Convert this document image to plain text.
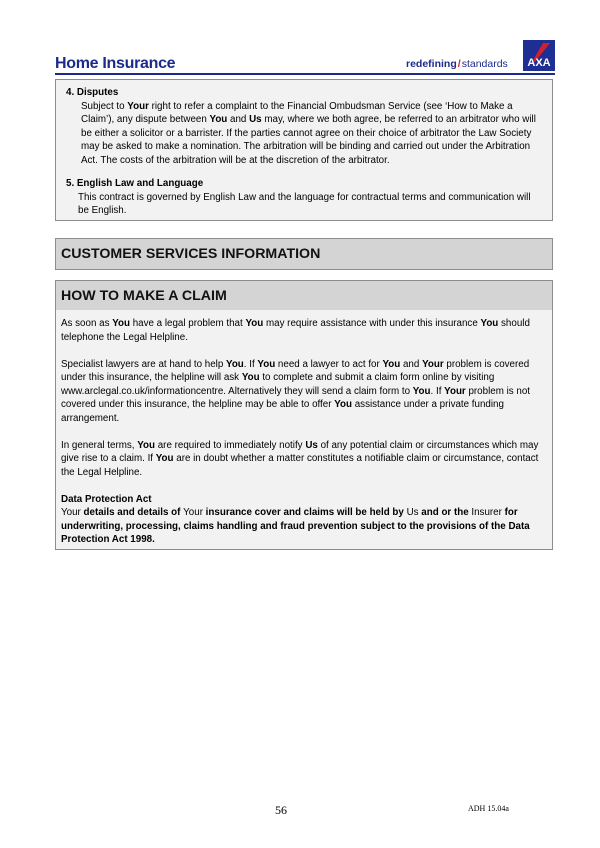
Home Insurance	redefining/standards AXA
4. Disputes
Subject to Your right to refer a complaint to the Financial Ombudsman Service (see ‘How to Make a Claim’), any dispute between You and Us may, where we both agree, be referred to an arbitrator who will be either a solicitor or a barrister. If the parties cannot agree on their choice of arbitrator the Law Society may be asked to make a nomination. The arbitration will be binding and carried out under the Arbitration Act. The costs of the arbitration will be at the discretion of the arbitrator.
5. English Law and Language
This contract is governed by English Law and the language for contractual terms and communication will be English.
CUSTOMER SERVICES INFORMATION
HOW TO MAKE A CLAIM

As soon as You have a legal problem that You may require assistance with under this insurance You should telephone the Legal Helpline.

Specialist lawyers are at hand to help You. If You need a lawyer to act for You and Your problem is covered under this insurance, the helpline will ask You to complete and submit a claim form online by visiting www.arclegal.co.uk/informationcentre. Alternatively they will send a claim form to You. If Your problem is not covered under this insurance, the helpline may be able to offer You assistance under a private funding arrangement.

In general terms, You are required to immediately notify Us of any potential claim or circumstances which may give rise to a claim. If You are in doubt whether a matter constitutes a notifiable claim or circumstance, contact the Legal Helpline.

Data Protection Act

Your details and details of Your insurance cover and claims will be held by Us and or the Insurer for underwriting, processing, claims handling and fraud prevention subject to the provisions of the Data Protection Act 1998.

56	ADH 15.04a
